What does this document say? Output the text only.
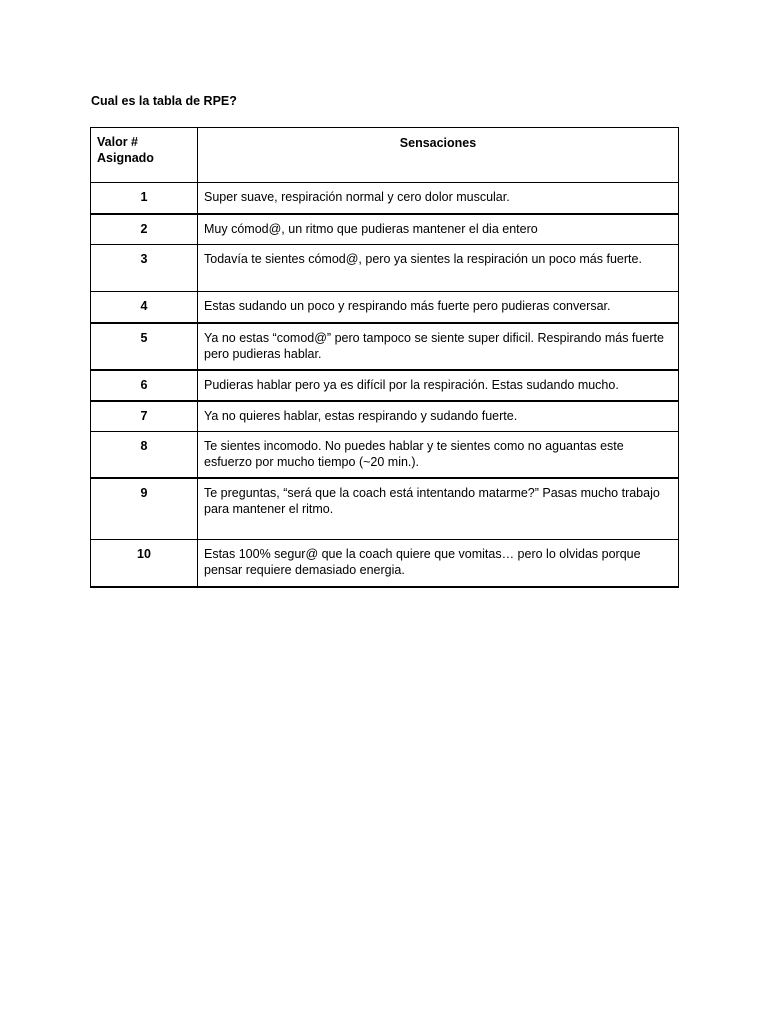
Cual es la tabla de RPE?
Valor #
Asignado	Sensaciones
1	Super suave, respiración normal y cero dolor muscular.
2	Muy cómod@, un ritmo que pudieras mantener el dia entero
3	Todavía te sientes cómod@, pero ya sientes la respiración un poco más fuerte.
4	Estas sudando un poco y respirando más fuerte pero pudieras conversar.
5	Ya no estas “comod@” pero tampoco se siente super dificil. Respirando más fuerte pero pudieras hablar.
6	Pudieras hablar pero ya es difícil por la respiración. Estas sudando mucho.
7	Ya no quieres hablar, estas respirando y sudando fuerte.
8	Te sientes incomodo. No puedes hablar y te sientes como no aguantas este esfuerzo por mucho tiempo (~20 min.).
9	Te preguntas, “será que la coach está intentando matarme?” Pasas mucho trabajo para mantener el ritmo.
10	Estas 100% segur@ que la coach quiere que vomitas… pero lo olvidas porque pensar requiere demasiado energia.
